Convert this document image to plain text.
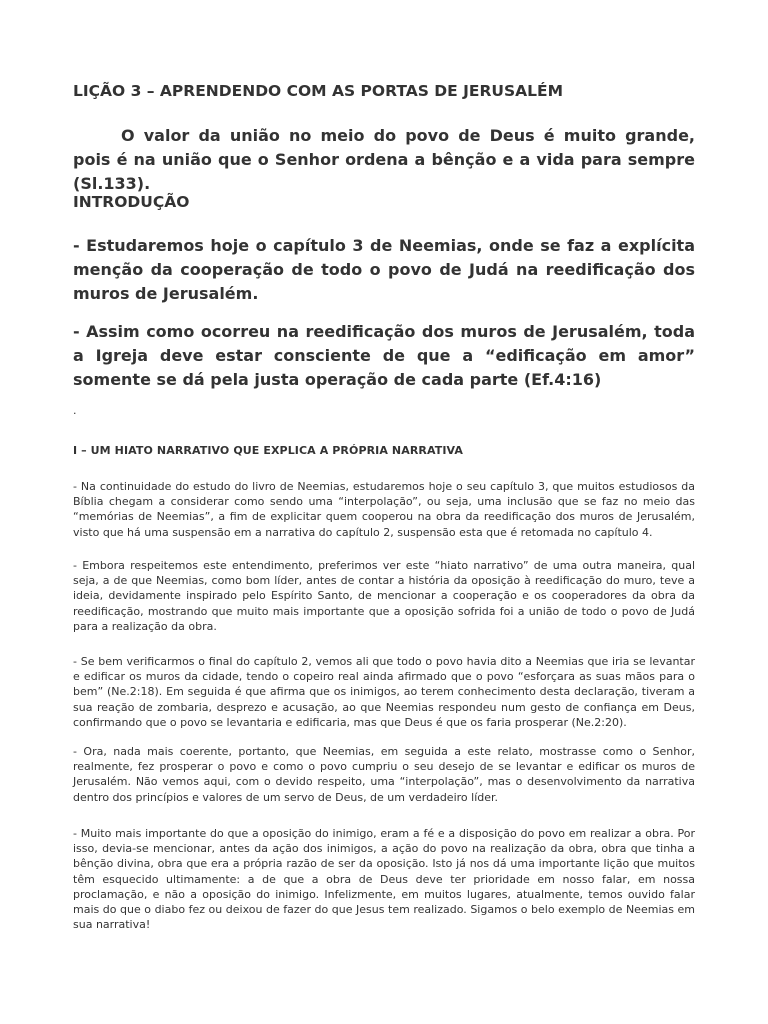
LIÇÃO 3 – APRENDENDO COM AS PORTAS DE JERUSALÉM

O valor da união no meio do povo de Deus é muito grande, pois é na união que o Senhor ordena a bênção e a vida para sempre (Sl.133).

INTRODUÇÃO

- Estudaremos hoje o capítulo 3 de Neemias, onde se faz a explícita menção da cooperação de todo o povo de Judá na reedificação dos muros de Jerusalém.

- Assim como ocorreu na reedificação dos muros de Jerusalém, toda a Igreja deve estar consciente de que a “edificação em amor” somente se dá pela justa operação de cada parte (Ef.4:16)

.

I – UM HIATO NARRATIVO QUE EXPLICA A PRÓPRIA NARRATIVA

- Na continuidade do estudo do livro de Neemias, estudaremos hoje o seu capítulo 3, que muitos estudiosos da Bíblia chegam a considerar como sendo uma “interpolação”, ou seja, uma inclusão que se faz no meio das “memórias de Neemias”, a fim de explicitar quem cooperou na obra da reedificação dos muros de Jerusalém, visto que há uma suspensão em a narrativa do capítulo 2, suspensão esta que é retomada no capítulo 4.

- Embora respeitemos este entendimento, preferimos ver este “hiato narrativo” de uma outra maneira, qual seja, a de que Neemias, como bom líder, antes de contar a história da oposição à reedificação do muro, teve a ideia, devidamente inspirado pelo Espírito Santo, de mencionar a cooperação e os cooperadores da obra da reedificação, mostrando que muito mais importante que a oposição sofrida foi a união de todo o povo de Judá para a realização da obra.

- Se bem verificarmos o final do capítulo 2, vemos ali que todo o povo havia dito a Neemias que iria se levantar e edificar os muros da cidade, tendo o copeiro real ainda afirmado que o povo “esforçara as suas mãos para o bem” (Ne.2:18). Em seguida é que afirma que os inimigos, ao terem conhecimento desta declaração, tiveram a sua reação de zombaria, desprezo e acusação, ao que Neemias respondeu num gesto de confiança em Deus, confirmando que o povo se levantaria e edificaria, mas que Deus é que os faria prosperar (Ne.2:20).

- Ora, nada mais coerente, portanto, que Neemias, em seguida a este relato, mostrasse como o Senhor, realmente, fez prosperar o povo e como o povo cumpriu o seu desejo de se levantar e edificar os muros de Jerusalém. Não vemos aqui, com o devido respeito, uma “interpolação”, mas o desenvolvimento da narrativa dentro dos princípios e valores de um servo de Deus, de um verdadeiro líder.

- Muito mais importante do que a oposição do inimigo, eram a fé e a disposição do povo em realizar a obra. Por isso, devia-se mencionar, antes da ação dos inimigos, a ação do povo na realização da obra, obra que tinha a bênção divina, obra que era a própria razão de ser da oposição. Isto já nos dá uma importante lição que muitos têm esquecido ultimamente: a de que a obra de Deus deve ter prioridade em nosso falar, em nossa proclamação, e não a oposição do inimigo. Infelizmente, em muitos lugares, atualmente, temos ouvido falar mais do que o diabo fez ou deixou de fazer do que Jesus tem realizado. Sigamos o belo exemplo de Neemias em sua narrativa!
